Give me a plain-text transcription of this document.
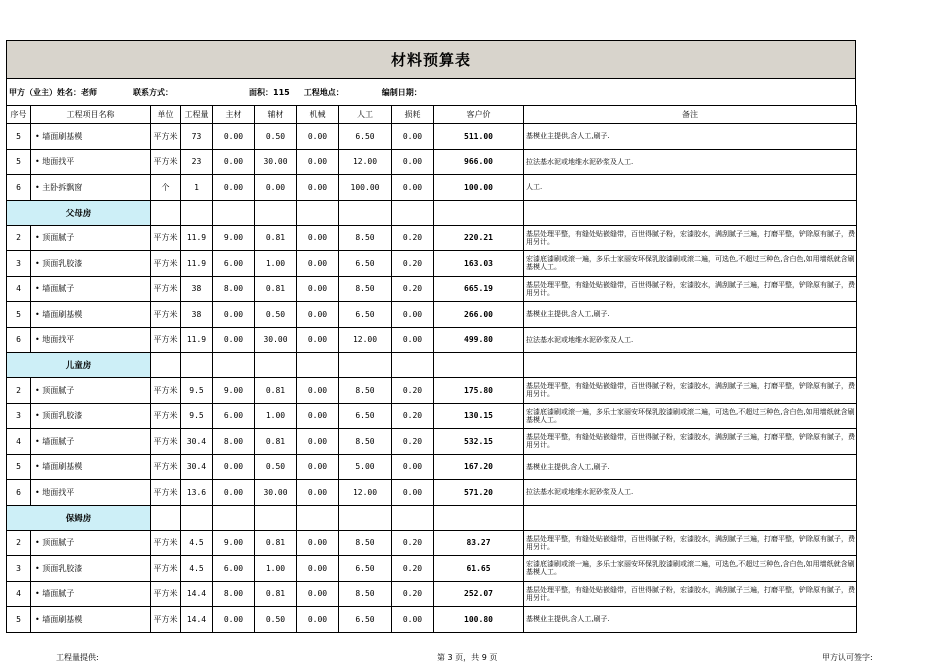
材料预算表
甲方（业主）姓名：老师	联系方式：	面积：115 工程地点：	编制日期：
序号	工程项目名称	单位	工程量	主材	辅材	机械	人工	损耗	客户价	备注
5	• 墙面刷基模	平方米	73	0.00	0.50	0.00	6.50	0.00	511.00	基模业主提供,含人工,刷子.
5	• 地面找平	平方米	23	0.00	30.00	0.00	12.00	0.00	966.00	拉法基水泥或地维水泥砂浆及人工.
6	• 主卧拆飘窗	个	1	0.00	0.00	0.00	100.00	0.00	100.00	人工.
父母房										
2	• 顶面腻子	平方米	11.9	9.00	0.81	0.00	8.50	0.20	220.21	基层处理平整，有缝处贴嵌缝带，百世得腻子粉，宏漆胶水，满刮腻子三遍，打磨平整，铲除原有腻子，费用另计。
3	• 顶面乳胶漆	平方米	11.9	6.00	1.00	0.00	6.50	0.20	163.03	宏漆底漆刷或滚一遍，多乐士家丽安环保乳胶漆刷或滚二遍，可选色,不超过三种色,含白色,如用墙纸就含刷基模人工。
4	• 墙面腻子	平方米	38	8.00	0.81	0.00	8.50	0.20	665.19	基层处理平整，有缝处贴嵌缝带，百世得腻子粉，宏漆胶水，满刮腻子三遍，打磨平整，铲除原有腻子，费用另计。
5	• 墙面刷基模	平方米	38	0.00	0.50	0.00	6.50	0.00	266.00	基模业主提供,含人工,刷子.
6	• 地面找平	平方米	11.9	0.00	30.00	0.00	12.00	0.00	499.80	拉法基水泥或地维水泥砂浆及人工.
儿童房										
2	• 顶面腻子	平方米	9.5	9.00	0.81	0.00	8.50	0.20	175.80	基层处理平整，有缝处贴嵌缝带，百世得腻子粉，宏漆胶水，满刮腻子三遍，打磨平整，铲除原有腻子，费用另计。
3	• 顶面乳胶漆	平方米	9.5	6.00	1.00	0.00	6.50	0.20	130.15	宏漆底漆刷或滚一遍，多乐士家丽安环保乳胶漆刷或滚二遍，可选色,不超过三种色,含白色,如用墙纸就含刷基模人工。
4	• 墙面腻子	平方米	30.4	8.00	0.81	0.00	8.50	0.20	532.15	基层处理平整，有缝处贴嵌缝带，百世得腻子粉，宏漆胶水，满刮腻子三遍，打磨平整，铲除原有腻子，费用另计。
5	• 墙面刷基模	平方米	30.4	0.00	0.50	0.00	5.00	0.00	167.20	基模业主提供,含人工,刷子.
6	• 地面找平	平方米	13.6	0.00	30.00	0.00	12.00	0.00	571.20	拉法基水泥或地维水泥砂浆及人工.
保姆房										
2	• 顶面腻子	平方米	4.5	9.00	0.81	0.00	8.50	0.20	83.27	基层处理平整，有缝处贴嵌缝带，百世得腻子粉，宏漆胶水，满刮腻子三遍，打磨平整，铲除原有腻子，费用另计。
3	• 顶面乳胶漆	平方米	4.5	6.00	1.00	0.00	6.50	0.20	61.65	宏漆底漆刷或滚一遍，多乐士家丽安环保乳胶漆刷或滚二遍，可选色,不超过三种色,含白色,如用墙纸就含刷基模人工。
4	• 墙面腻子	平方米	14.4	8.00	0.81	0.00	8.50	0.20	252.07	基层处理平整，有缝处贴嵌缝带，百世得腻子粉，宏漆胶水，满刮腻子三遍，打磨平整，铲除原有腻子，费用另计。
5	• 墙面刷基模	平方米	14.4	0.00	0.50	0.00	6.50	0.00	100.80	基模业主提供,含人工,刷子.
工程量提供:	第 3 页，共 9 页	甲方认可签字:
